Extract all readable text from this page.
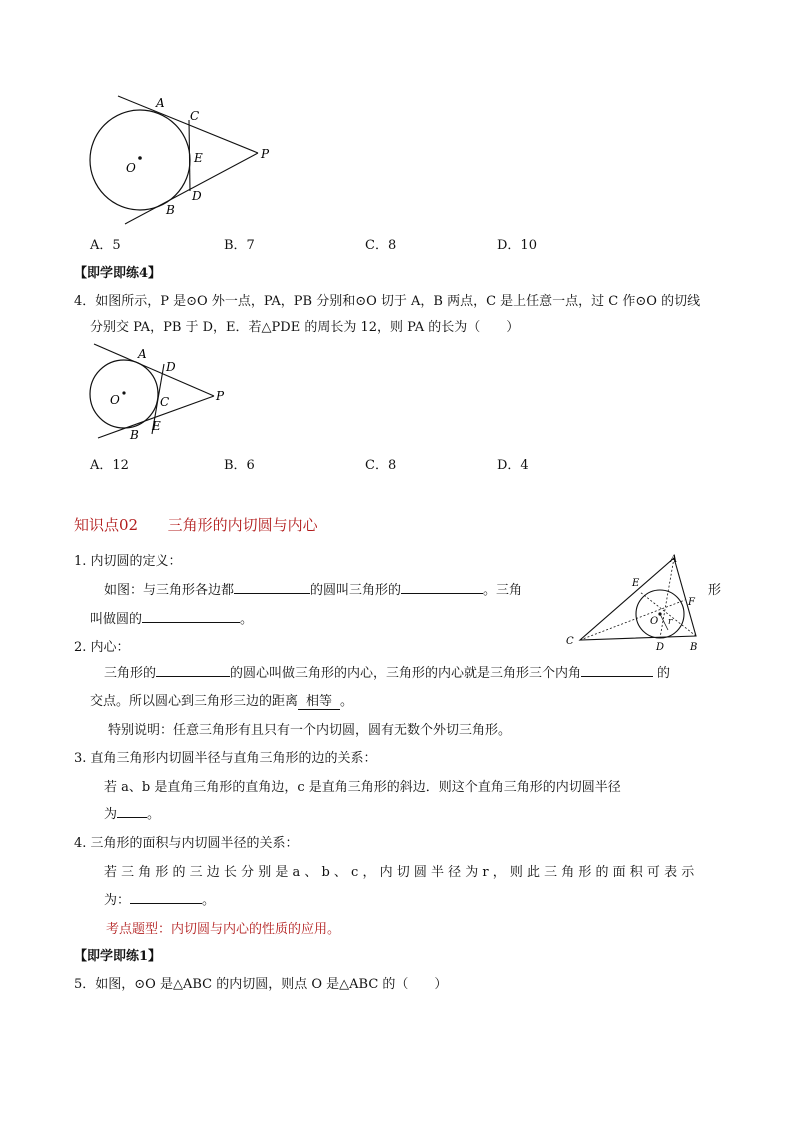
A
C
E	P
O
D
B
A．5	B．7	C．8	D．10
【即学即练4】
4．如图所示，P 是⊙O 外一点，PA，PB 分别和⊙O 切于 A，B 两点，C 是上任意一点，过 C 作⊙O 的切线
分别交 PA，PB 于 D，E．若△PDE 的周长为 12，则 PA 的长为（　　）
A
D
O	C	P
E
B
A．12	B．6	C．8	D．4
知识点02 三角形的内切圆与内心
1. 内切圆的定义：
如图：与三角形各边都	的圆叫三角形的	。三角	形
叫做圆的	。
A
E
F
O r
C
D	B
2. 内心：
三角形的	的圆心叫做三角形的内心，三角形的内心就是三角形三个内角	的
交点。所以圆心到三角形三边的距离 相等 。
特别说明：任意三角形有且只有一个内切圆，圆有无数个外切三角形。
3. 直角三角形内切圆半径与直角三角形的边的关系：
若 a、b 是直角三角形的直角边，c 是直角三角形的斜边．则这个直角三角形的内切圆半径
为 。
4. 三角形的面积与内切圆半径的关系：
若 三 角 形 的 三 边 长 分 别 是 a 、 b 、 c ， 内 切 圆 半 径 为 r ， 则 此 三 角 形 的 面 积 可 表 示
为：	。
考点题型：内切圆与内心的性质的应用。
【即学即练1】
5．如图，⊙O 是△ABC 的内切圆，则点 O 是△ABC 的（　　）
